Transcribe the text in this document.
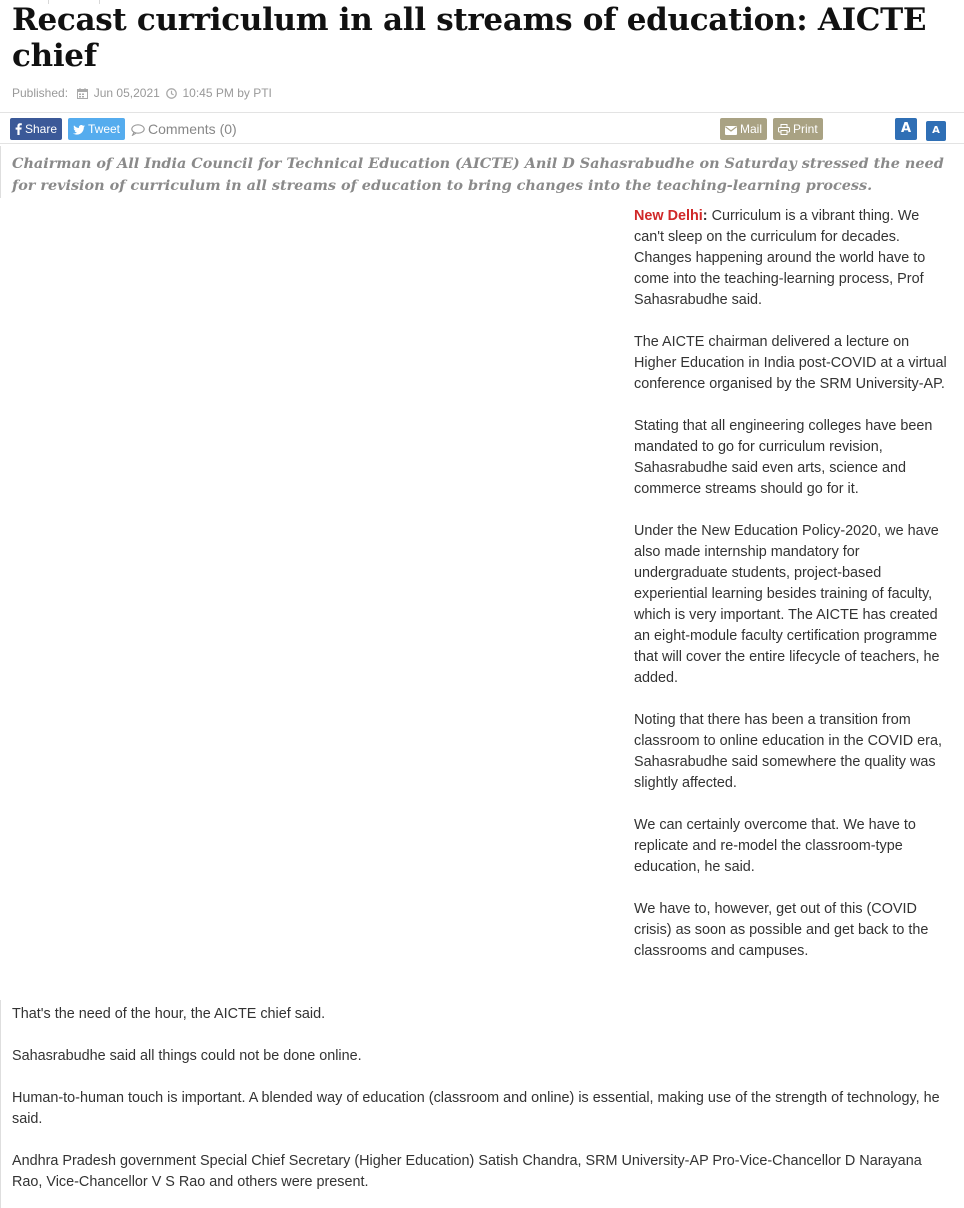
Recast curriculum in all streams of education: AICTE chief
Published: Jun 05,2021 10:45 PM by PTI
Share	Tweet	Comments (0)	Mail	Print	A	A

Chairman of All India Council for Technical Education (AICTE) Anil D Sahasrabudhe on Saturday stressed the need for revision of curriculum in all streams of education to bring changes into the teaching-learning process.

New Delhi: Curriculum is a vibrant thing. We can't sleep on the curriculum for decades. Changes happening around the world have to come into the teaching-learning process, Prof Sahasrabudhe said.

The AICTE chairman delivered a lecture on Higher Education in India post-COVID at a virtual conference organised by the SRM University-AP.

Stating that all engineering colleges have been mandated to go for curriculum revision, Sahasrabudhe said even arts, science and commerce streams should go for it.

Under the New Education Policy-2020, we have also made internship mandatory for undergraduate students, project-based experiential learning besides training of faculty, which is very important. The AICTE has created an eight-module faculty certification programme that will cover the entire lifecycle of teachers, he added.

Noting that there has been a transition from classroom to online education in the COVID era, Sahasrabudhe said somewhere the quality was slightly affected.

We can certainly overcome that. We have to replicate and re-model the classroom-type education, he said.

We have to, however, get out of this (COVID crisis) as soon as possible and get back to the classrooms and campuses.

That's the need of the hour, the AICTE chief said.

Sahasrabudhe said all things could not be done online.

Human-to-human touch is important. A blended way of education (classroom and online) is essential, making use of the strength of technology, he said.

Andhra Pradesh government Special Chief Secretary (Higher Education) Satish Chandra, SRM University-AP Pro-Vice-Chancellor D Narayana Rao, Vice-Chancellor V S Rao and others were present.
